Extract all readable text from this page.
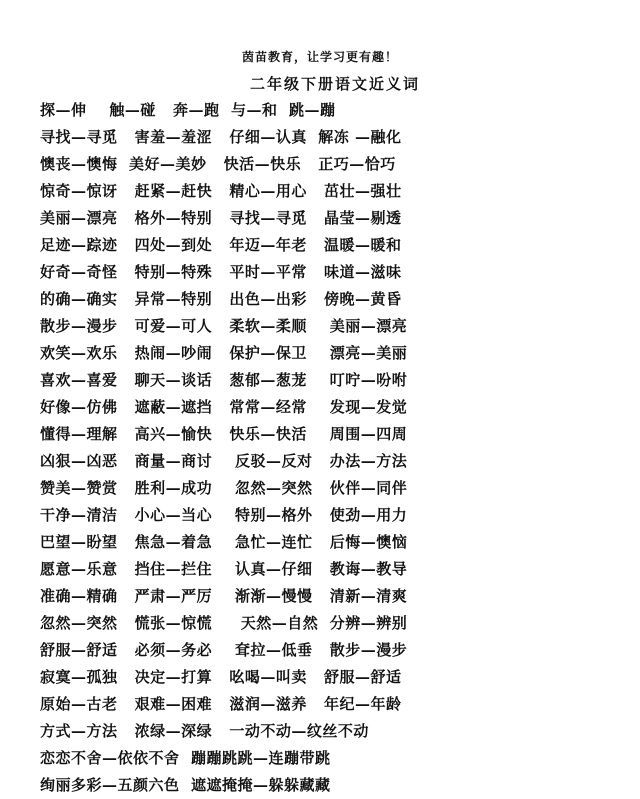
茵苗教育，让学习更有趣！
二年级下册语文近义词
探—伸    触—碰   奔—跑  与—和  跳—蹦
寻找—寻觅   害羞—羞涩   仔细—认真  解冻 —融化
懊丧—懊悔  美好—美妙   快活—快乐   正巧—恰巧
惊奇—惊讶   赶紧—赶快   精心—用心   茁壮—强壮
美丽—漂亮   格外—特别   寻找—寻觅   晶莹—剔透
足迹—踪迹   四处—到处   年迈—年老   温暖—暖和
好奇—奇怪   特别—特殊   平时—平常   味道—滋味
的确—确实   异常—特别   出色—出彩   傍晚—黄昏
散步—漫步   可爱—可人   柔软—柔顺    美丽—漂亮
欢笑—欢乐   热闹—吵闹   保护—保卫    漂亮—美丽
喜欢—喜爱   聊天—谈话   葱郁—葱茏    叮咛—吩咐
好像—仿佛   遮蔽—遮挡   常常—经常    发现—发觉
懂得—理解   高兴—愉快   快乐—快活    周围—四周
凶狠—凶恶   商量—商讨    反驳—反对   办法—方法
赞美—赞赏   胜利—成功    忽然—突然   伙伴—同伴
干净—清洁   小心—当心    特别—格外   使劲—用力
巴望—盼望   焦急—着急    急忙—连忙   后悔—懊恼
愿意—乐意   挡住—拦住    认真—仔细   教诲—教导
准确—精确   严肃—严厉    渐渐—慢慢   清新—清爽
忽然—突然   慌张—惊慌     天然—自然  分辨—辨别
舒服—舒适   必须—务必    耷拉—低垂   散步—漫步
寂寞—孤独   决定—打算   吆喝—叫卖   舒服—舒适
原始—古老   艰难—困难   滋润—滋养   年纪—年龄
方式—方法   浓绿—深绿   一动不动—纹丝不动
恋恋不舍—依依不舍  蹦蹦跳跳—连蹦带跳
绚丽多彩—五颜六色  遮遮掩掩—躲躲藏藏
